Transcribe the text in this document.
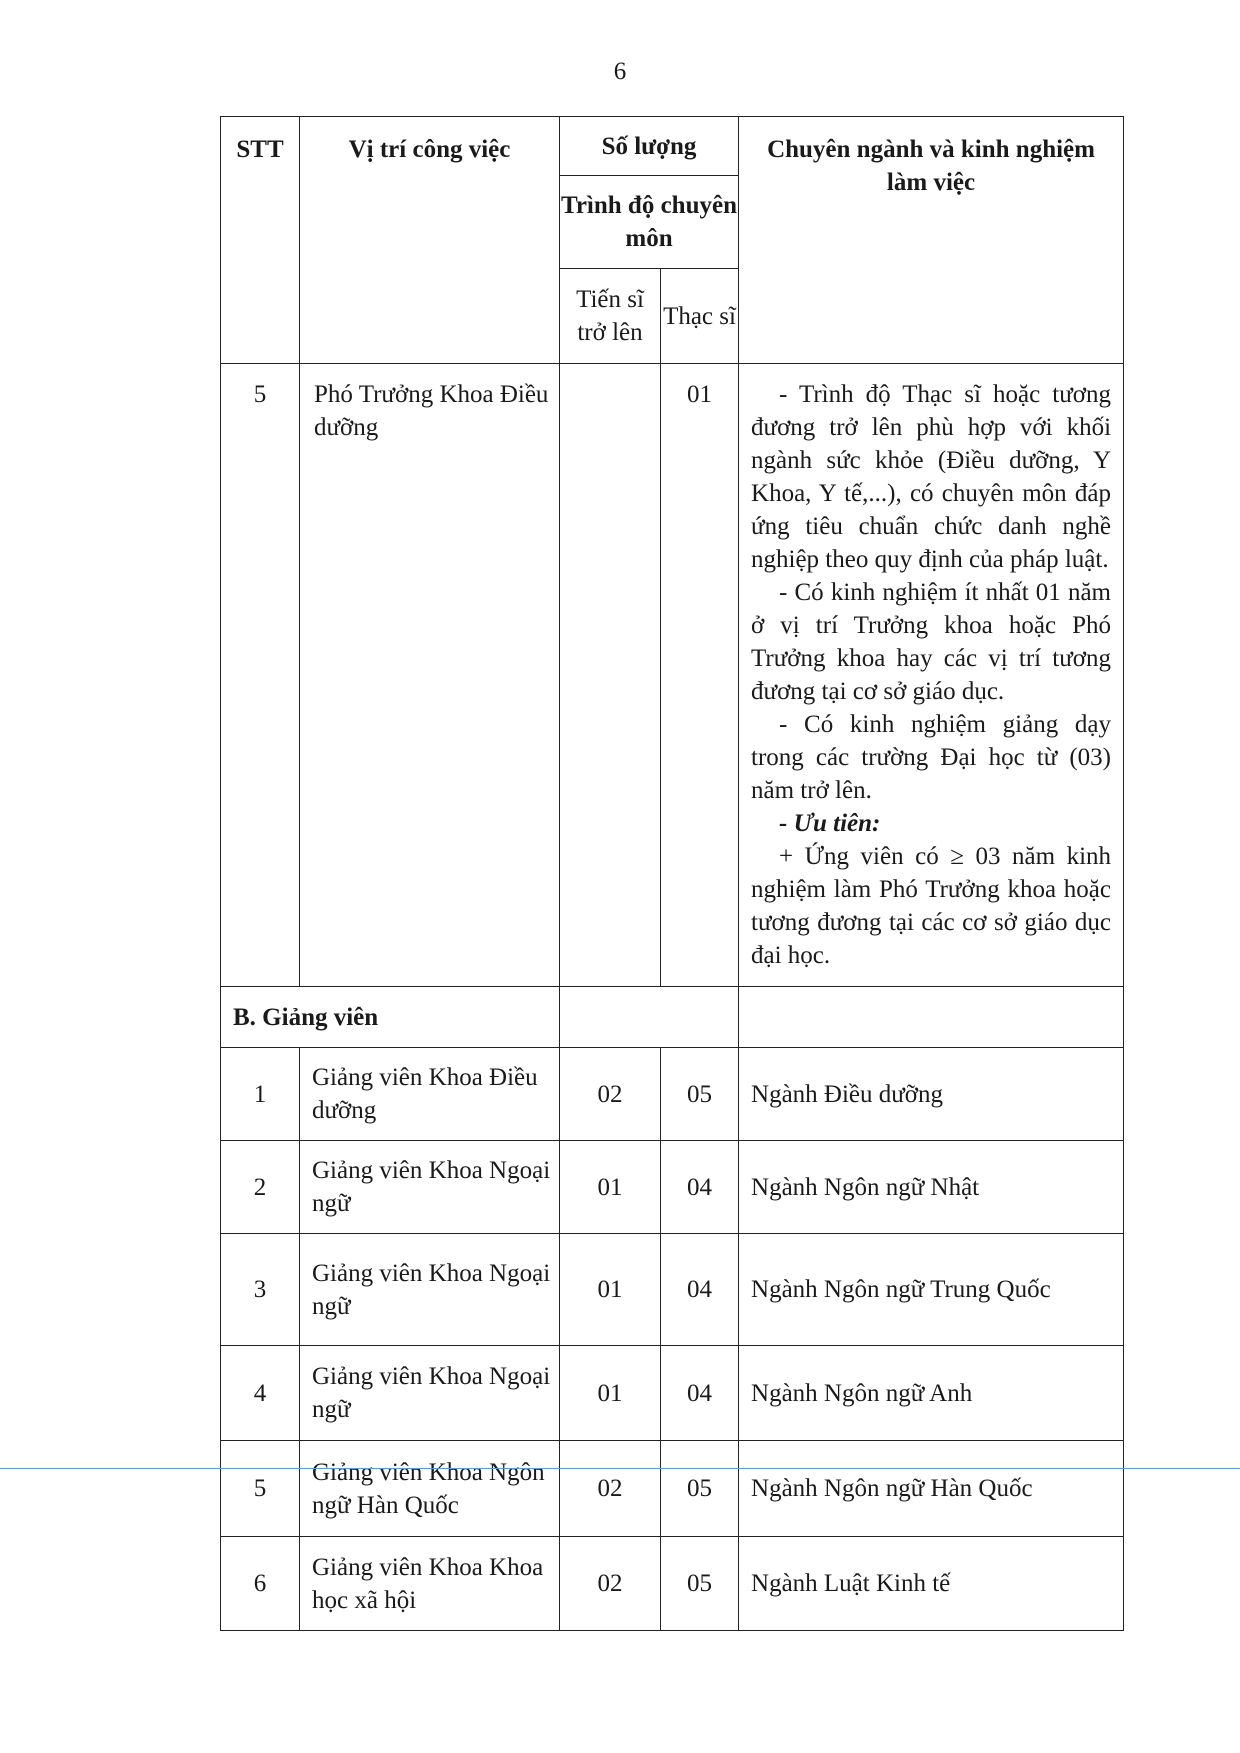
6
STT	Vị trí công việc	Số lượng		Chuyên ngành và kinh nghiệm làm việc
		Trình độ chuyên môn		
		Tiến sĩ trở lên	Thạc sĩ	
5	Phó Trưởng Khoa Điều dưỡng		01	- Trình độ Thạc sĩ hoặc tương đương trở lên phù hợp với khối ngành sức khỏe (Điều dưỡng, Y Khoa, Y tế,...), có chuyên môn đáp ứng tiêu chuẩn chức danh nghề nghiệp theo quy định của pháp luật.

- Có kinh nghiệm ít nhất 01 năm ở vị trí Trưởng khoa hoặc Phó Trưởng khoa hay các vị trí tương đương tại cơ sở giáo dục.

- Có kinh nghiệm giảng dạy trong các trường Đại học từ (03) năm trở lên.

- Ưu tiên:

+ Ứng viên có ≥ 03 năm kinh nghiệm làm Phó Trưởng khoa hoặc tương đương tại các cơ sở giáo dục đại học.

B. Giảng viên				
1	Giảng viên Khoa Điều dưỡng	02	05	Ngành Điều dưỡng
2	Giảng viên Khoa Ngoại ngữ	01	04	Ngành Ngôn ngữ Nhật
3	Giảng viên Khoa Ngoại ngữ	01	04	Ngành Ngôn ngữ Trung Quốc
4	Giảng viên Khoa Ngoại ngữ	01	04	Ngành Ngôn ngữ Anh
5	Giảng viên Khoa Ngôn ngữ Hàn Quốc	02	05	Ngành Ngôn ngữ Hàn Quốc
6	Giảng viên Khoa Khoa học xã hội	02	05	Ngành Luật Kinh tế
